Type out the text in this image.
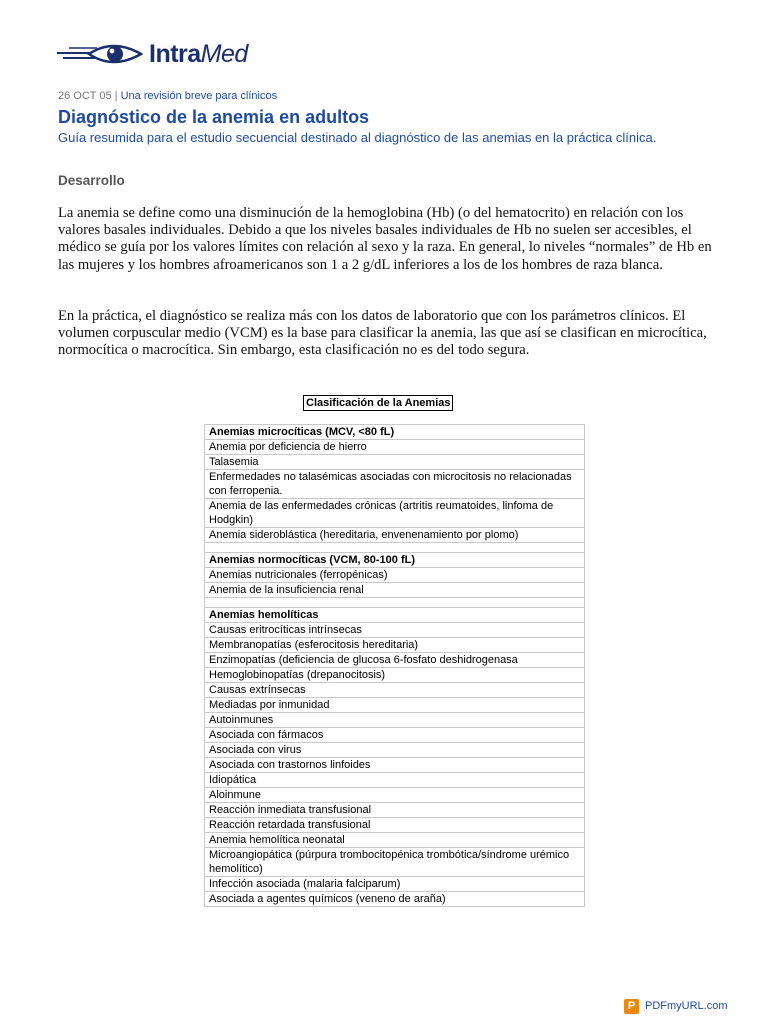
IntraMed
26 OCT 05 | Una revisión breve para clínicos
Diagnóstico de la anemia en adultos
Guía resumida para el estudio secuencial destinado al diagnóstico de las anemias en la práctica clínica.
Desarrollo

La anemia se define como una disminución de la hemoglobina (Hb) (o del hematocrito) en relación con los valores basales individuales. Debido a que los niveles basales individuales de Hb no suelen ser accesibles, el médico se guía por los valores límites con relación al sexo y la raza. En general, lo niveles “normales” de Hb en las mujeres y los hombres afroamericanos son 1 a 2 g/dL inferiores a los de los hombres de raza blanca.

En la práctica, el diagnóstico se realiza más con los datos de laboratorio que con los parámetros clínicos. El volumen corpuscular medio (VCM) es la base para clasificar la anemia, las que así se clasifican en microcítica, normocítica o macrocítica. Sin embargo, esta clasificación no es del todo segura.

Clasificación de la Anemias
Anemias microcíticas (MCV, <80 fL)
Anemia por deficiencia de hierro
Talasemia
Enfermedades no talasémicas asociadas con microcitosis no relacionadas con ferropenia.
Anemia de las enfermedades crónicas (artritis reumatoides, linfoma de Hodgkin)
Anemia sideroblástica (hereditaria, envenenamiento por plomo)

Anemias normocíticas (VCM, 80-100 fL)
Anemias nutricionales (ferropénicas)
Anemia de la insuficiencia renal

Anemias hemolíticas
Causas eritrocíticas intrínsecas
Membranopatías (esferocitosis hereditaria)
Enzimopatías (deficiencia de glucosa 6-fosfato deshidrogenasa
Hemoglobinopatías (drepanocitosis)
Causas extrínsecas
Mediadas por inmunidad
Autoinmunes
Asociada con fármacos
Asociada con virus
Asociada con trastornos linfoides
Idiopática
Aloinmune
Reacción inmediata transfusional
Reacción retardada transfusional
Anemia hemolítica neonatal
Microangiopática (púrpura trombocitopénica trombótica/síndrome urémico hemolítico)
Infección asociada (malaria falciparum)
Asociada a agentes químicos (veneno de araña)
P PDFmyURL.com
